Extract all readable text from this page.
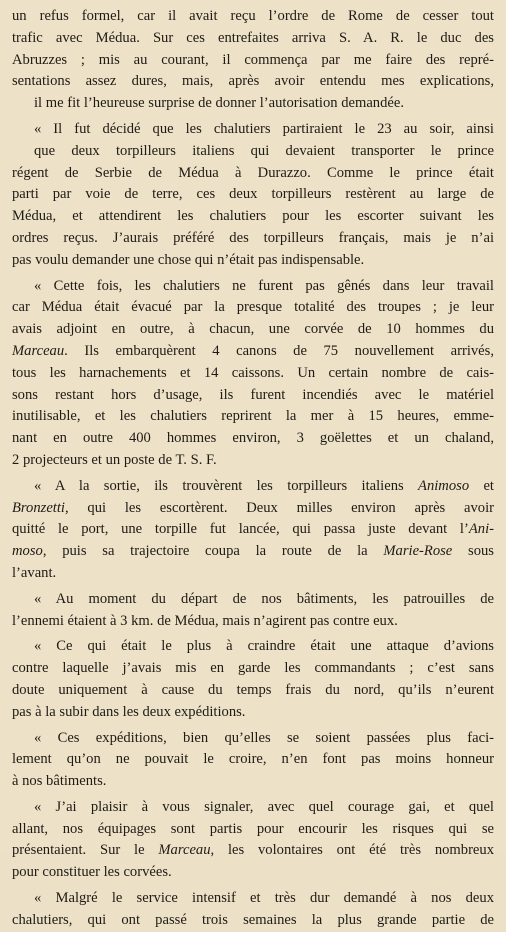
un refus formel, car il avait reçu l’ordre de Rome de cesser tout
trafic avec Méduа. Sur ces entrefaites arriva S. A. R. le duc des
Abruzzes ; mis au courant, il commença par me faire des repré-
sentations assez dures, mais, après avoir entendu mes explications,
il me fit l’heureuse surprise de donner l’autorisation demandée.
« Il fut décidé que les chalutiers partiraient le 23 au soir, ainsi
que deux torpilleurs italiens qui devaient transporter le prince
régent de Serbie de Médua à Durazzo. Comme le prince était
parti par voie de terre, ces deux torpilleurs restèrent au large de
Médua, et attendirent les chalutiers pour les escorter suivant les
ordres reçus. J’aurais préféré des torpilleurs français, mais je n’ai
pas voulu demander une chose qui n’était pas indispensable.
« Cette fois, les chalutiers ne furent pas gênés dans leur travail
car Médua était évacué par la presque totalité des troupes ; je leur
avais adjoint en outre, à chacun, une corvée de 10 hommes du
Marceau. Ils embarquèrent 4 canons de 75 nouvellement arrivés,
tous les harnachements et 14 caissons. Un certain nombre de cais-
sons restant hors d’usage, ils furent incendiés avec le matériel
inutilisable, et les chalutiers reprirent la mer à 15 heures, emme-
nant en outre 400 hommes environ, 3 goëlettes et un chaland,
2 projecteurs et un poste de T. S. F.
« A la sortie, ils trouvèrent les torpilleurs italiens Animoso et
Bronzetti, qui les escortèrent. Deux milles environ après avoir
quitté le port, une torpille fut lancée, qui passa juste devant l’Ani-
moso, puis sa trajectoire coupa la route de la Marie-Rose sous
l’avant.
« Au moment du départ de nos bâtiments, les patrouilles de
l’ennemi étaient à 3 km. de Médua, mais n’agirent pas contre eux.
« Ce qui était le plus à craindre était une attaque d’avions
contre laquelle j’avais mis en garde les commandants ; c’est sans
doute uniquement à cause du temps frais du nord, qu’ils n’eurent
pas à la subir dans les deux expéditions.
« Ces expéditions, bien qu’elles se soient passées plus faci-
lement qu’on ne pouvait le croire, n’en font pas moins honneur
à nos bâtiments.
« J’ai plaisir à vous signaler, avec quel courage gai, et quel
allant, nos équipages sont partis pour encourir les risques qui se
présentaient. Sur le Marceau, les volontaires ont été très nombreux
pour constituer les corvées.
« Malgré le service intensif et très dur demandé à nos deux
chalutiers, qui ont passé trois semaines la plus grande partie de
